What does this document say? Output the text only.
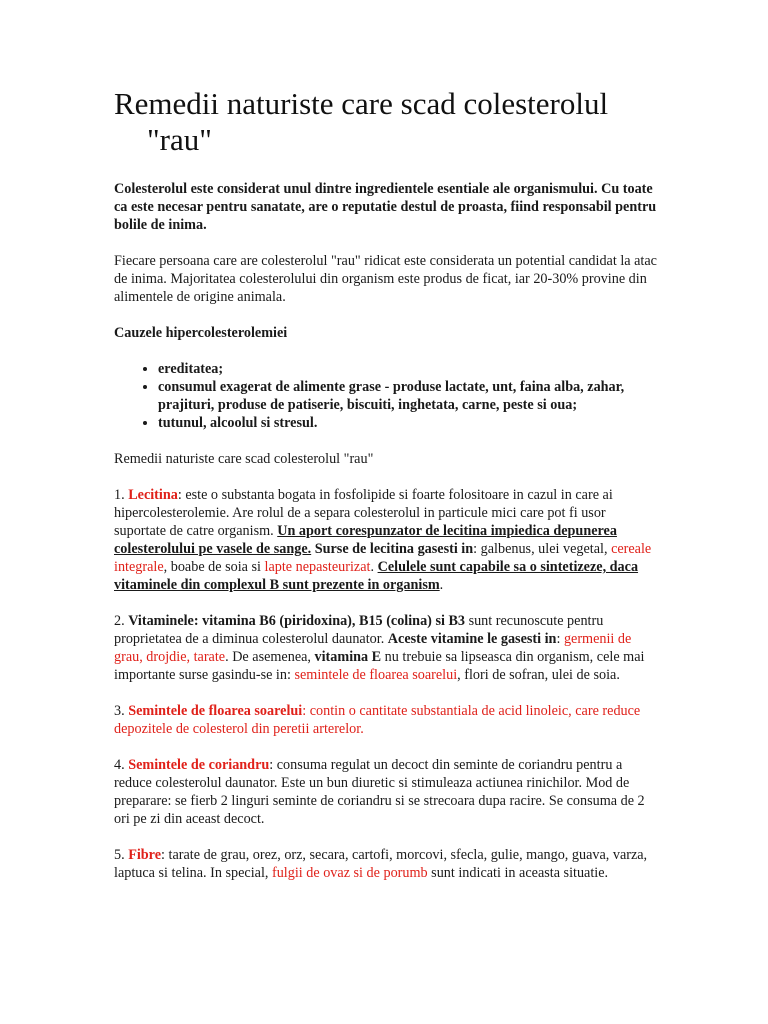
Remedii naturiste care scad colesterolul
"rau"

Colesterolul este considerat unul dintre ingredientele esentiale ale organismului. Cu toate ca este necesar pentru sanatate, are o reputatie destul de proasta, fiind responsabil pentru bolile de inima.

Fiecare persoana care are colesterolul "rau" ridicat este considerata un potential candidat la atac de inima. Majoritatea colesterolului din organism este produs de ficat, iar 20-30% provine din alimentele de origine animala.

Cauzele hipercolesterolemiei

• ereditatea;
• consumul exagerat de alimente grase - produse lactate, unt, faina alba, zahar, prajituri, produse de patiserie, biscuiti, inghetata, carne, peste si oua;
• tutunul, alcoolul si stresul.

Remedii naturiste care scad colesterolul "rau"

1. Lecitina: este o substanta bogata in fosfolipide si foarte folositoare in cazul in care ai hipercolesterolemie. Are rolul de a separa colesterolul in particule mici care pot fi usor suportate de catre organism. Un aport corespunzator de lecitina impiedica depunerea colesterolului pe vasele de sange. Surse de lecitina gasesti in: galbenus, ulei vegetal, cereale integrale, boabe de soia si lapte nepasteurizat. Celulele sunt capabile sa o sintetizeze, daca vitaminele din complexul B sunt prezente in organism.

2. Vitaminele: vitamina B6 (piridoxina), B15 (colina) si B3 sunt recunoscute pentru proprietatea de a diminua colesterolul daunator. Aceste vitamine le gasesti in: germenii de grau, drojdie, tarate. De asemenea, vitamina E nu trebuie sa lipseasca din organism, cele mai importante surse gasindu-se in: semintele de floarea soarelui, flori de sofran, ulei de soia.

3. Semintele de floarea soarelui: contin o cantitate substantiala de acid linoleic, care reduce depozitele de colesterol din peretii arterelor.

4. Semintele de coriandru: consuma regulat un decoct din seminte de coriandru pentru a reduce colesterolul daunator. Este un bun diuretic si stimuleaza actiunea rinichilor. Mod de preparare: se fierb 2 linguri seminte de coriandru si se strecoara dupa racire. Se consuma de 2 ori pe zi din aceast decoct.

5. Fibre: tarate de grau, orez, orz, secara, cartofi, morcovi, sfecla, gulie, mango, guava, varza, laptuca si telina. In special, fulgii de ovaz si de porumb sunt indicati in aceasta situatie.
